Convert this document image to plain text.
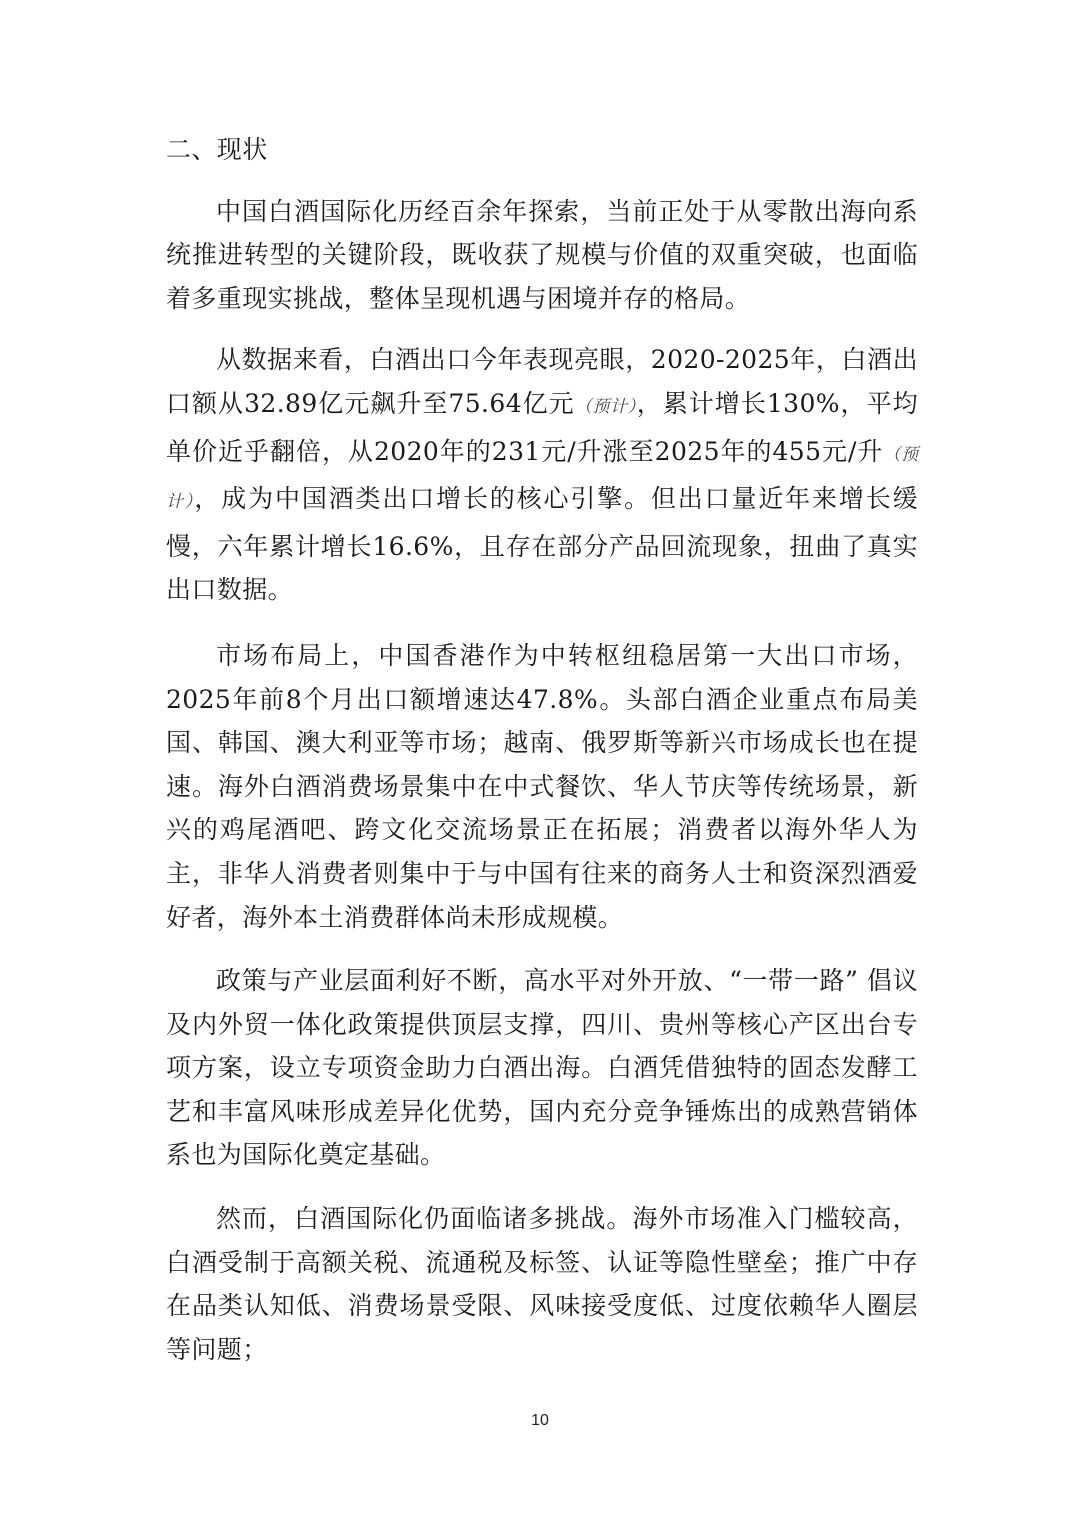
二、现状

中国白酒国际化历经百余年探索，当前正处于从零散出海向系统推进转型的关键阶段，既收获了规模与价值的双重突破，也面临着多重现实挑战，整体呈现机遇与困境并存的格局。

从数据来看，白酒出口今年表现亮眼，2020-2025年，白酒出口额从32.89亿元飙升至75.64亿元（预计），累计增长130%，平均单价近乎翻倍，从2020年的231元/升涨至2025年的455元/升（预计），成为中国酒类出口增长的核心引擎。但出口量近年来增长缓慢，六年累计增长16.6%，且存在部分产品回流现象，扭曲了真实出口数据。

市场布局上，中国香港作为中转枢纽稳居第一大出口市场，2025年前8个月出口额增速达47.8%。头部白酒企业重点布局美国、韩国、澳大利亚等市场；越南、俄罗斯等新兴市场成长也在提速。海外白酒消费场景集中在中式餐饮、华人节庆等传统场景，新兴的鸡尾酒吧、跨文化交流场景正在拓展；消费者以海外华人为主，非华人消费者则集中于与中国有往来的商务人士和资深烈酒爱好者，海外本土消费群体尚未形成规模。

政策与产业层面利好不断，高水平对外开放、“一带一路” 倡议及内外贸一体化政策提供顶层支撑，四川、贵州等核心产区出台专项方案，设立专项资金助力白酒出海。白酒凭借独特的固态发酵工艺和丰富风味形成差异化优势，国内充分竞争锤炼出的成熟营销体系也为国际化奠定基础。

然而，白酒国际化仍面临诸多挑战。海外市场准入门槛较高，白酒受制于高额关税、流通税及标签、认证等隐性壁垒；推广中存在品类认知低、消费场景受限、风味接受度低、过度依赖华人圈层等问题；

10
